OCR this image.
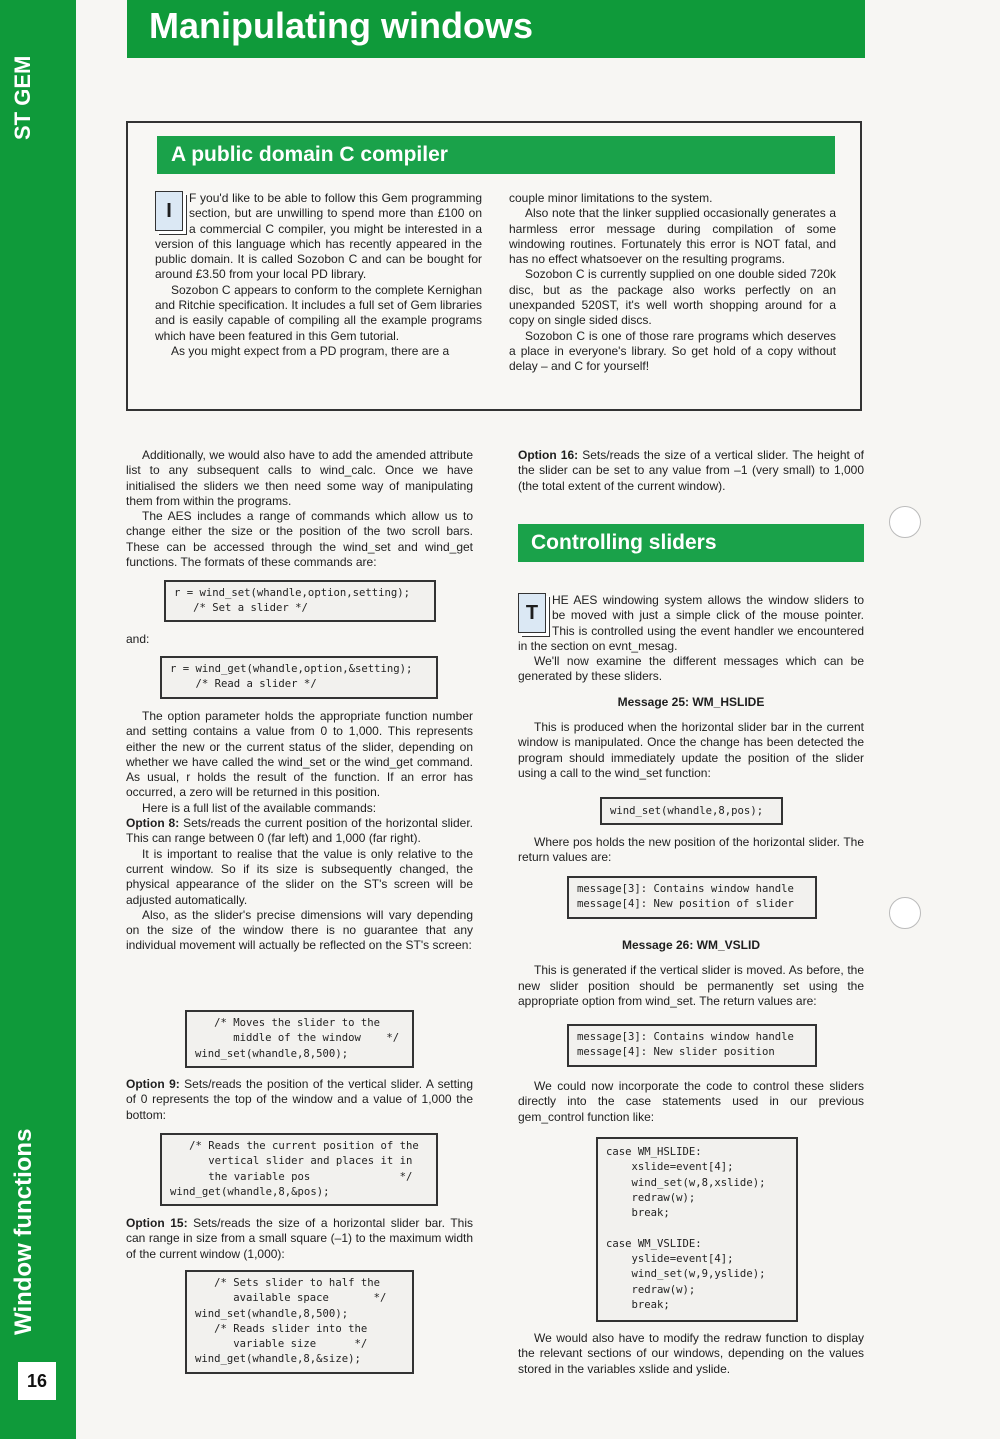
ST GEM
Window functions
16
Manipulating windows
A public domain C compiler
I

F you'd like to be able to follow this Gem programming section, but are unwilling to spend more than £100 on a commercial C compiler, you might be interested in a version of this language which has recently appeared in the public domain. It is called Sozobon C and can be bought for around £3.50 from your local PD library.

Sozobon C appears to conform to the complete Kernighan and Ritchie specification. It includes a full set of Gem libraries and is easily capable of compiling all the example programs which have been featured in this Gem tutorial.

As you might expect from a PD program, there are a

couple minor limitations to the system.

Also note that the linker supplied occasionally generates a harmless error message during compilation of some windowing routines. Fortunately this error is NOT fatal, and has no effect whatsoever on the resulting programs.

Sozobon C is currently supplied on one double sided 720k disc, but as the package also works perfectly on an unexpanded 520ST, it's well worth shopping around for a copy on single sided discs.

Sozobon C is one of those rare programs which deserves a place in everyone's library. So get hold of a copy without delay – and C for yourself!

Additionally, we would also have to add the amended attribute list to any subsequent calls to wind_calc. Once we have initialised the sliders we then need some way of manipulating them from within the programs.

The AES includes a range of commands which allow us to change either the size or the position of the two scroll bars. These can be accessed through the wind_set and wind_get functions. The formats of these commands are:

r = wind_set(whandle,option,setting);
/* Set a slider */
and:
r = wind_get(whandle,option,&setting);
/* Read a slider */

The option parameter holds the appropriate function number and setting contains a value from 0 to 1,000. This represents either the new or the current status of the slider, depending on whether we have called the wind_set or the wind_get command. As usual, r holds the result of the function. If an error has occurred, a zero will be returned in this position.

Here is a full list of the available commands:

Option 8: Sets/reads the current position of the horizontal slider. This can range between 0 (far left) and 1,000 (far right).

It is important to realise that the value is only relative to the current window. So if its size is subsequently changed, the physical appearance of the slider on the ST's screen will be adjusted automatically.

Also, as the slider's precise dimensions will vary depending on the size of the window there is no guarantee that any individual movement will actually be reflected on the ST's screen:

/* Moves the slider to the
middle of the window    */
wind_set(whandle,8,500);

Option 9: Sets/reads the position of the vertical slider. A setting of 0 represents the top of the window and a value of 1,000 the bottom:

/* Reads the current position of the
vertical slider and places it in
the variable pos              */
wind_get(whandle,8,&pos);

Option 15: Sets/reads the size of a horizontal slider bar. This can range in size from a small square (–1) to the maximum width of the current window (1,000):

/* Sets slider to half the
available space       */
wind_set(whandle,8,500);
/* Reads slider into the
variable size      */
wind_get(whandle,8,&size);

Option 16: Sets/reads the size of a vertical slider. The height of the slider can be set to any value from –1 (very small) to 1,000 (the total extent of the current window).

Controlling sliders
T

HE AES windowing system allows the window sliders to be moved with just a simple click of the mouse pointer. This is controlled using the event handler we encountered in the section on evnt_mesag.

We'll now examine the different messages which can be generated by these sliders.

Message 25: WM_HSLIDE

This is produced when the horizontal slider bar in the current window is manipulated. Once the change has been detected the program should immediately update the position of the slider using a call to the wind_set function:

wind_set(whandle,8,pos);

Where pos holds the new position of the horizontal slider. The return values are:

message[3]: Contains window handle
message[4]: New position of slider

Message 26: WM_VSLID

This is generated if the vertical slider is moved. As before, the new slider position should be permanently set using the appropriate option from wind_set. The return values are:

message[3]: Contains window handle
message[4]: New slider position

We could now incorporate the code to control these sliders directly into the case statements used in our previous gem_control function like:

case WM_HSLIDE:
xslide=event[4];
wind_set(w,8,xslide);
redraw(w);
break;

case WM_VSLIDE:
yslide=event[4];
wind_set(w,9,yslide);
redraw(w);
break;

We would also have to modify the redraw function to display the relevant sections of our windows, depending on the values stored in the variables xslide and yslide.
